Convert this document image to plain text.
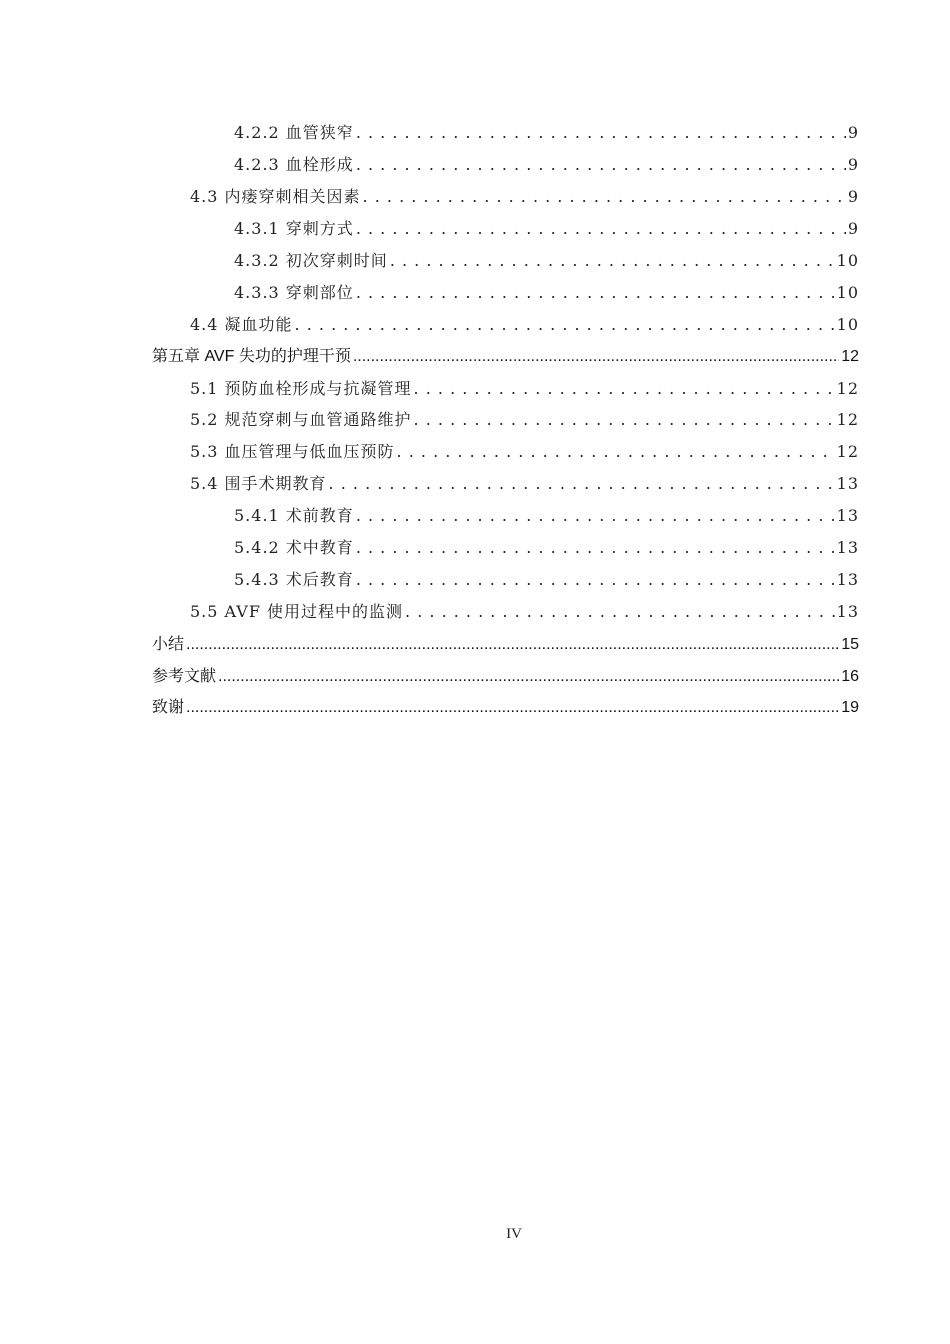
4.2.2 血管狭窄 . . .	9
4.2.3 血栓形成 . . .	9
4.3 内瘘穿刺相关因素 . . .	9
4.3.1 穿刺方式 . . .	9
4.3.2 初次穿刺时间 . . .	10
4.3.3 穿刺部位 . . .	10
4.4 凝血功能 . . .	10
第五章 AVF 失功的护理干预 .....	12
5.1 预防血栓形成与抗凝管理 . . .	12
5.2 规范穿刺与血管通路维护 . . .	12
5.3 血压管理与低血压预防 . . .	12
5.4 围手术期教育 . . .	13
5.4.1 术前教育 . . .	13
5.4.2 术中教育 . . .	13
5.4.3 术后教育 . . .	13
5.5 AVF 使用过程中的监测 . . .	13
小结 .....	15
参考文献 .....	16
致谢 .....	19
IV
